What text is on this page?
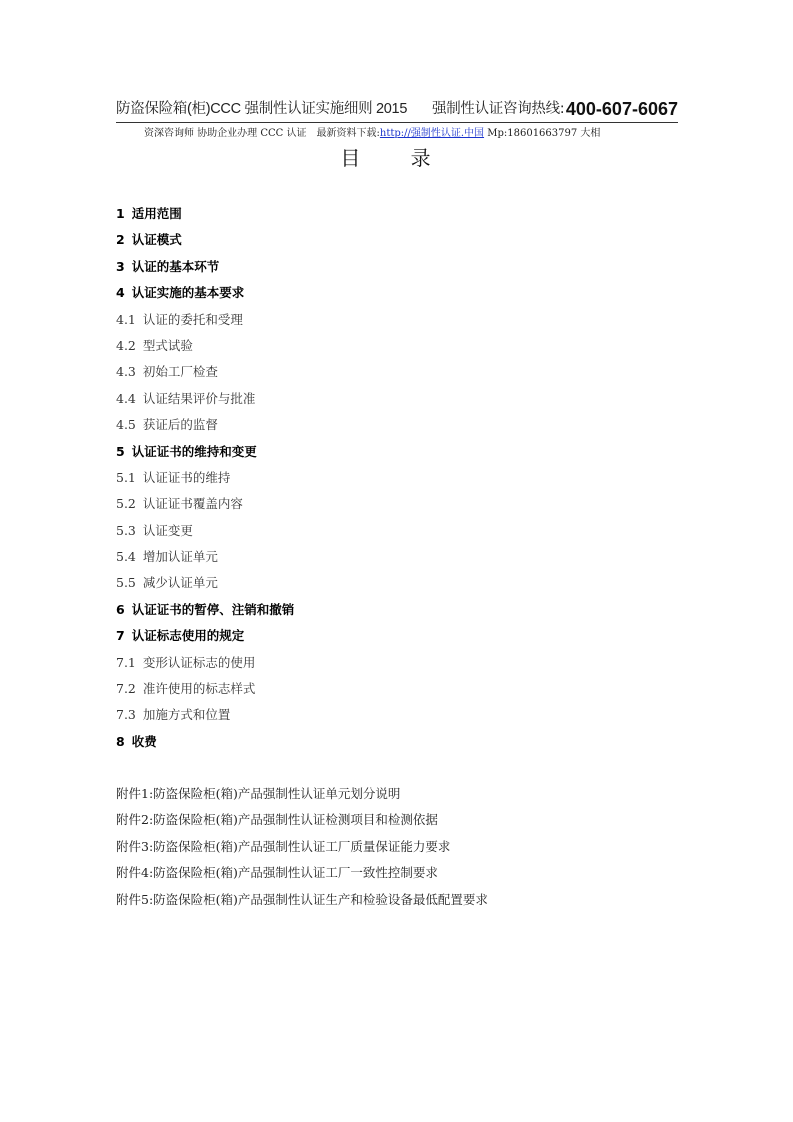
防盗保险箱(柜)CCC 强制性认证实施细则 2015 强制性认证咨询热线: 400-607-6067
资深咨询师 协助企业办理 CCC 认证 最新资料下载:http://强制性认证.中国 Mp:18601663797 大相
目 录
1 适用范围
2 认证模式
3 认证的基本环节
4 认证实施的基本要求
4.1 认证的委托和受理
4.2 型式试验
4.3 初始工厂检查
4.4 认证结果评价与批准
4.5 获证后的监督
5 认证证书的维持和变更
5.1 认证证书的维持
5.2 认证证书覆盖内容
5.3 认证变更
5.4 增加认证单元
5.5 减少认证单元
6 认证证书的暂停、注销和撤销
7 认证标志使用的规定
7.1 变形认证标志的使用
7.2 准许使用的标志样式
7.3 加施方式和位置
8 收费
附件1:防盗保险柜(箱)产品强制性认证单元划分说明
附件2:防盗保险柜(箱)产品强制性认证检测项目和检测依据
附件3:防盗保险柜(箱)产品强制性认证工厂质量保证能力要求
附件4:防盗保险柜(箱)产品强制性认证工厂一致性控制要求
附件5:防盗保险柜(箱)产品强制性认证生产和检验设备最低配置要求
